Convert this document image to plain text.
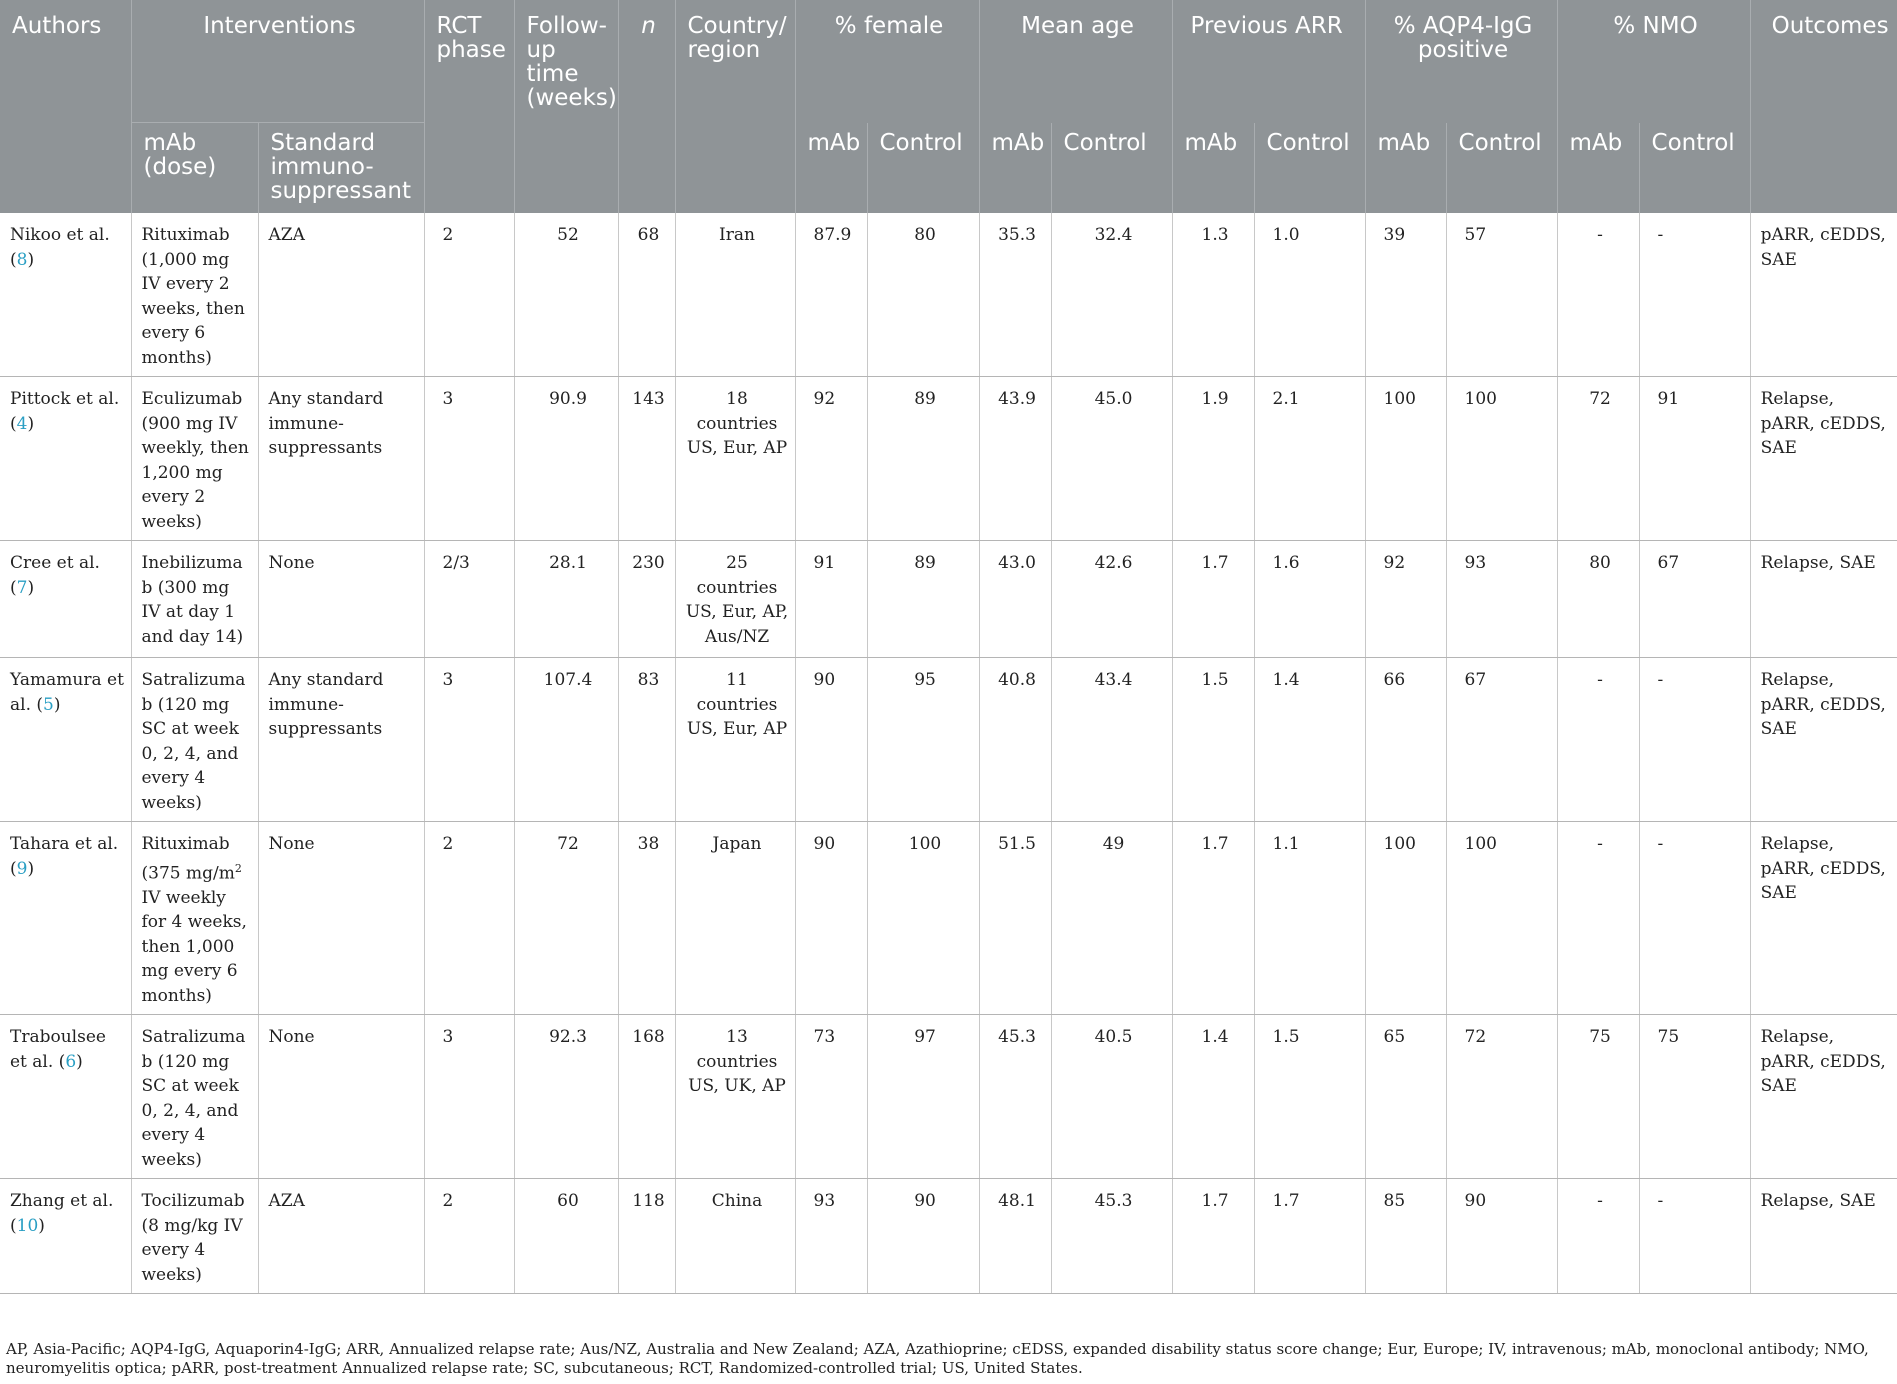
Authors	Interventions		RCT phase	Follow-up time (weeks)	n	Country/ region	% female		Mean age		Previous ARR		% AQP4-IgG positive		% NMO		Outcomes
	mAb (dose)	Standard immuno-suppressant					mAb	Control	mAb	Control	mAb	Control	mAb	Control	mAb	Control	
Nikoo et al. (8)	Rituximab (1,000 mg IV every 2 weeks, then every 6 months)	AZA	2	52	68	Iran	87.9	80	35.3	32.4	1.3	1.0	39	57	-	-	pARR, cEDDS, SAE
Pittock et al. (4)	Eculizumab (900 mg IV weekly, then 1,200 mg every 2 weeks)	Any standard immune-suppressants	3	90.9	143	18 countries US, Eur, AP	92	89	43.9	45.0	1.9	2.1	100	100	72	91	Relapse, pARR, cEDDS, SAE
Cree et al. (7)	Inebilizumab (300 mg IV at day 1 and day 14)	None	2/3	28.1	230	25 countries US, Eur, AP, Aus/NZ	91	89	43.0	42.6	1.7	1.6	92	93	80	67	Relapse, SAE
Yamamura et al. (5)	Satralizumab (120 mg SC at week 0, 2, 4, and every 4 weeks)	Any standard immune-suppressants	3	107.4	83	11 countries US, Eur, AP	90	95	40.8	43.4	1.5	1.4	66	67	-	-	Relapse, pARR, cEDDS, SAE
Tahara et al. (9)	Rituximab (375 $mg/m^2$ IV weekly for 4 weeks, then 1,000 mg every 6 months)	None	2	72	38	Japan	90	100	51.5	49	1.7	1.1	100	100	-	-	Relapse, pARR, cEDDS, SAE
Traboulsee et al. (6)	Satralizumab (120 mg SC at week 0, 2, 4, and every 4 weeks)	None	3	92.3	168	13 countries US, UK, AP	73	97	45.3	40.5	1.4	1.5	65	72	75	75	Relapse, pARR, cEDDS, SAE
Zhang et al. (10)	Tocilizumab (8 mg/kg IV every 4 weeks)	AZA	2	60	118	China	93	90	48.1	45.3	1.7	1.7	85	90	-	-	Relapse, SAE
AP, Asia-Pacific; AQP4-IgG, Aquaporin4-IgG; ARR, Annualized relapse rate; Aus/NZ, Australia and New Zealand; AZA, Azathioprine; cEDSS, expanded disability status score change; Eur, Europe; IV, intravenous; mAb, monoclonal antibody; NMO, neuromyelitis optica; pARR, post-treatment Annualized relapse rate; SC, subcutaneous; RCT, Randomized-controlled trial; US, United States.
